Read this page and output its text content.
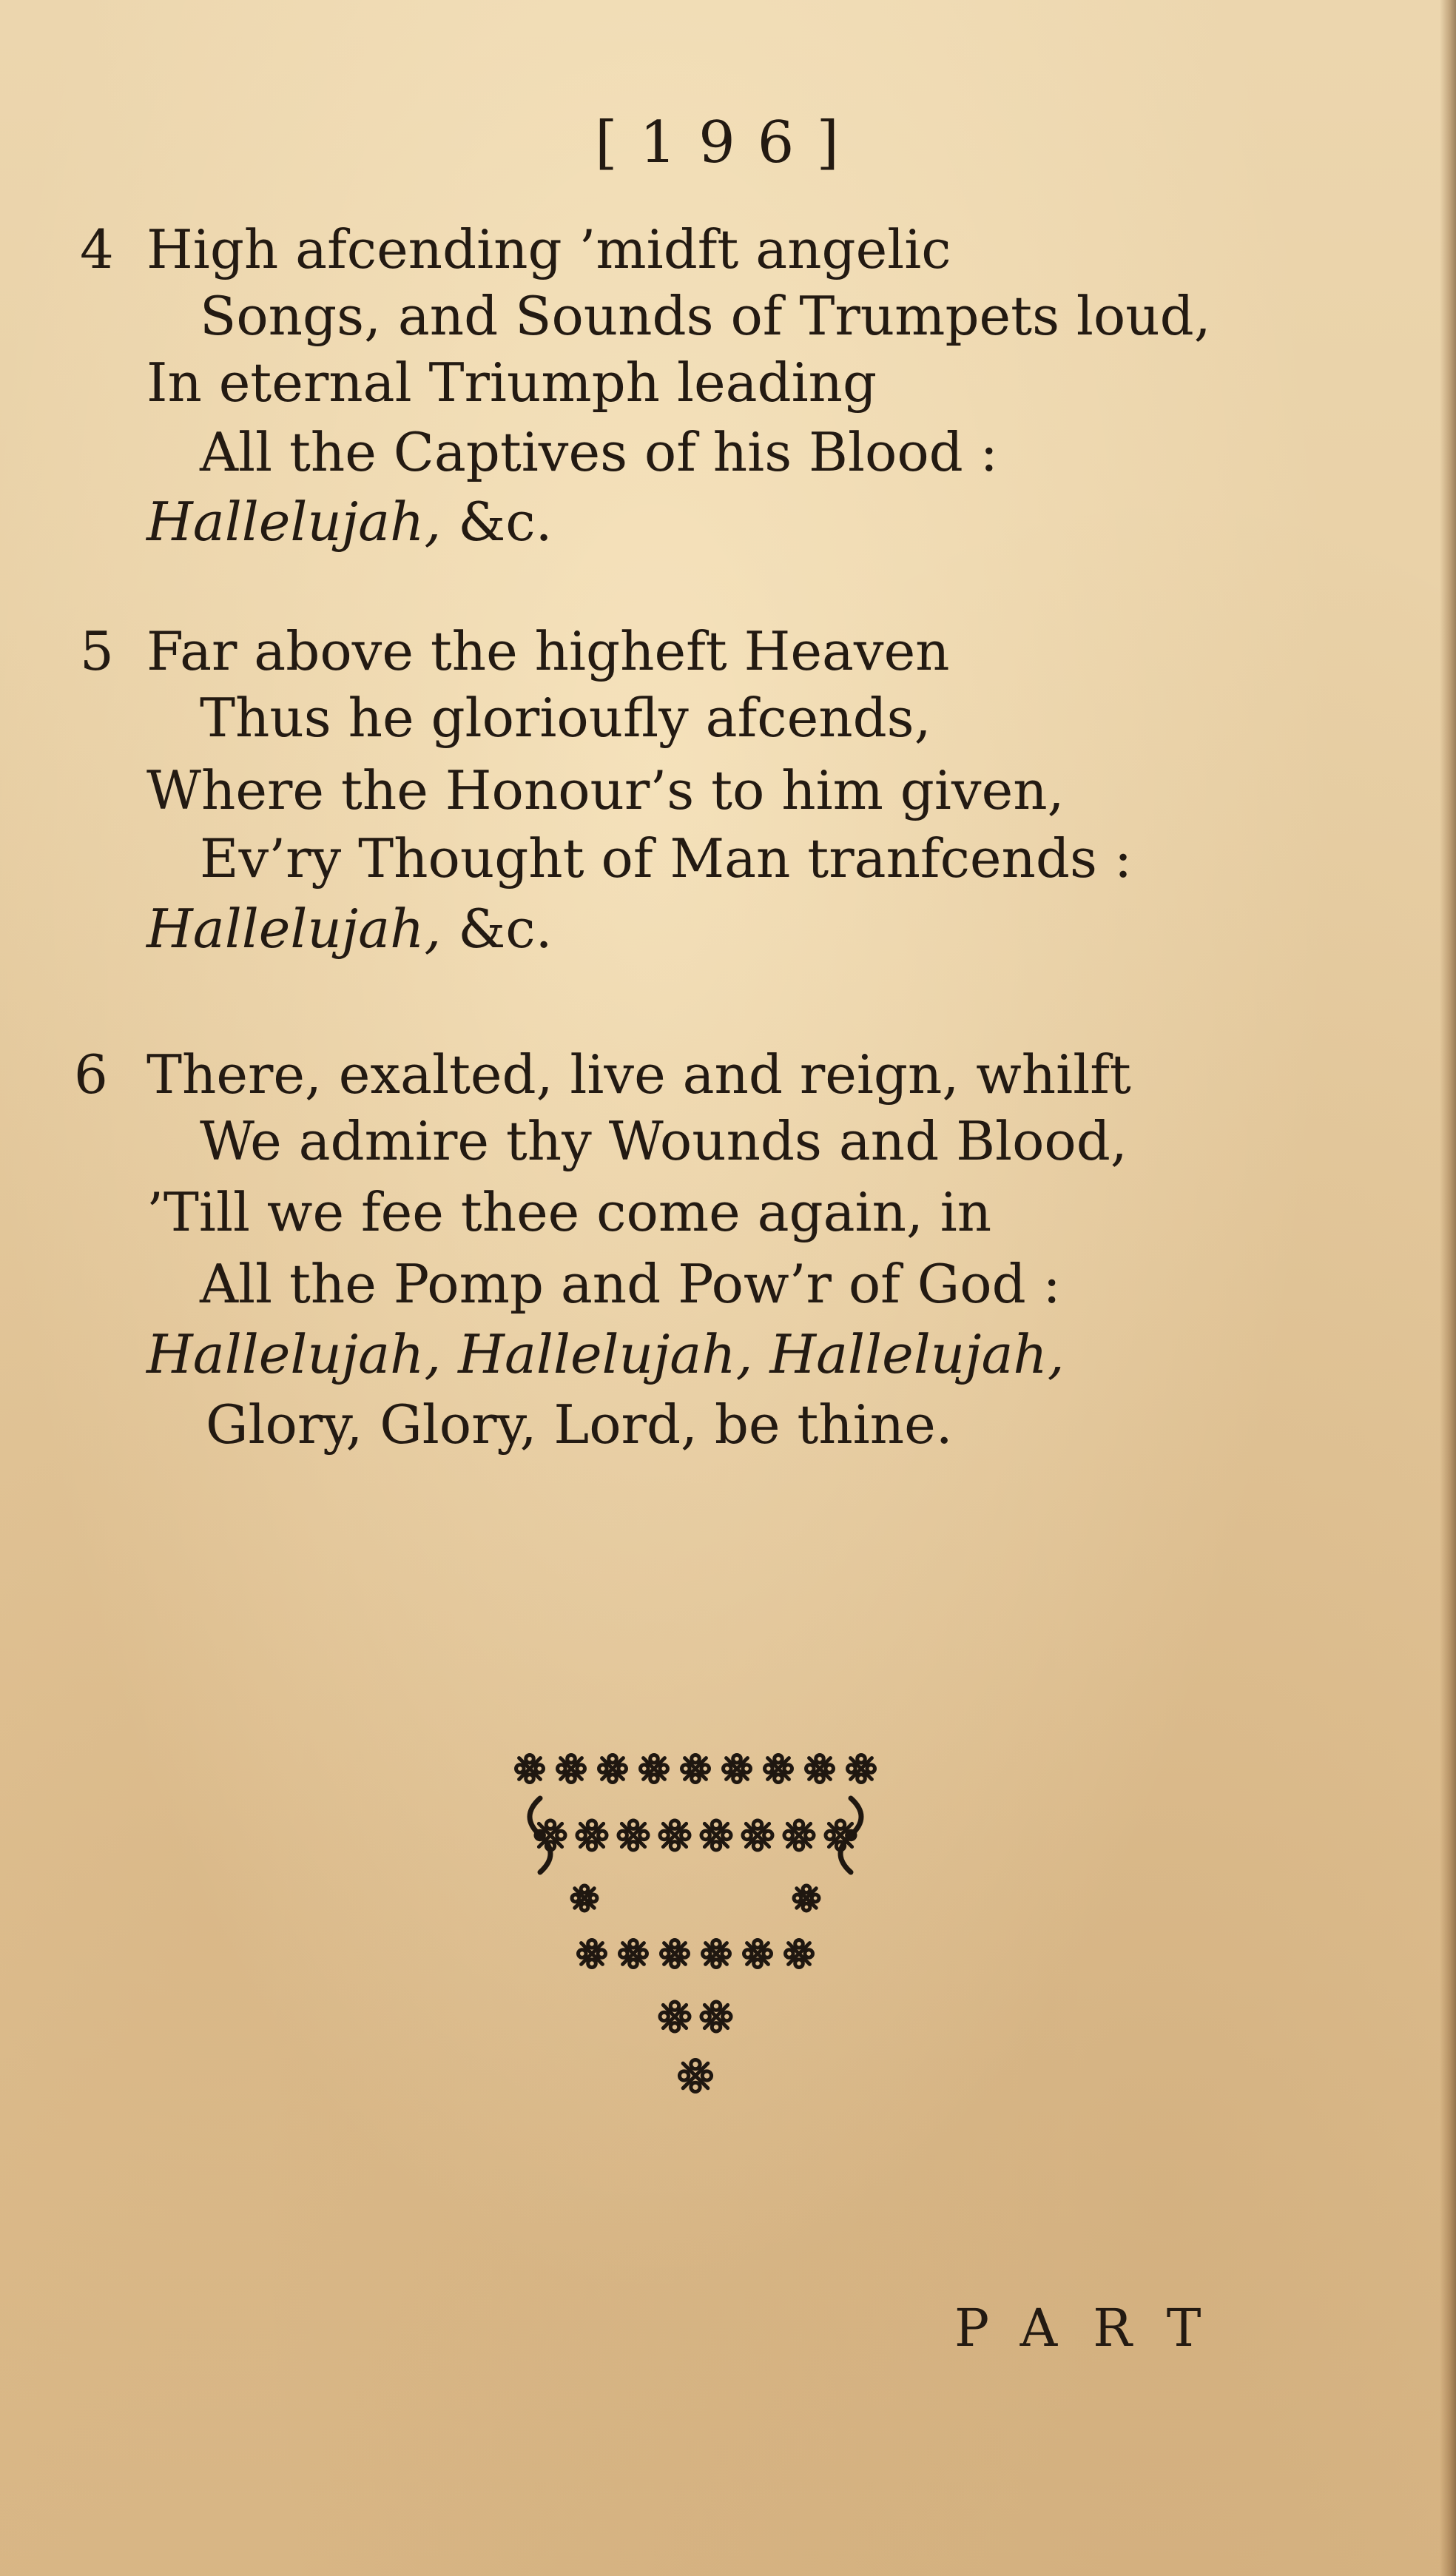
[196]
4 High afcending ’midft angelic
Songs, and Sounds of Trumpets loud,
In eternal Triumph leading
All the Captives of his Blood :
Hallelujah, &c.
5 Far above the higheft Heaven
Thus he glorioufly afcends,
Where the Honour’s to him given,
Ev’ry Thought of Man tranfcends :
Hallelujah, &c.
6 There, exalted, live and reign, whilft
We admire thy Wounds and Blood,
’Till we fee thee come again, in
All the Pomp and Pow’r of God :
Hallelujah, Hallelujah, Hallelujah,
Glory, Glory, Lord, be thine.
PART
